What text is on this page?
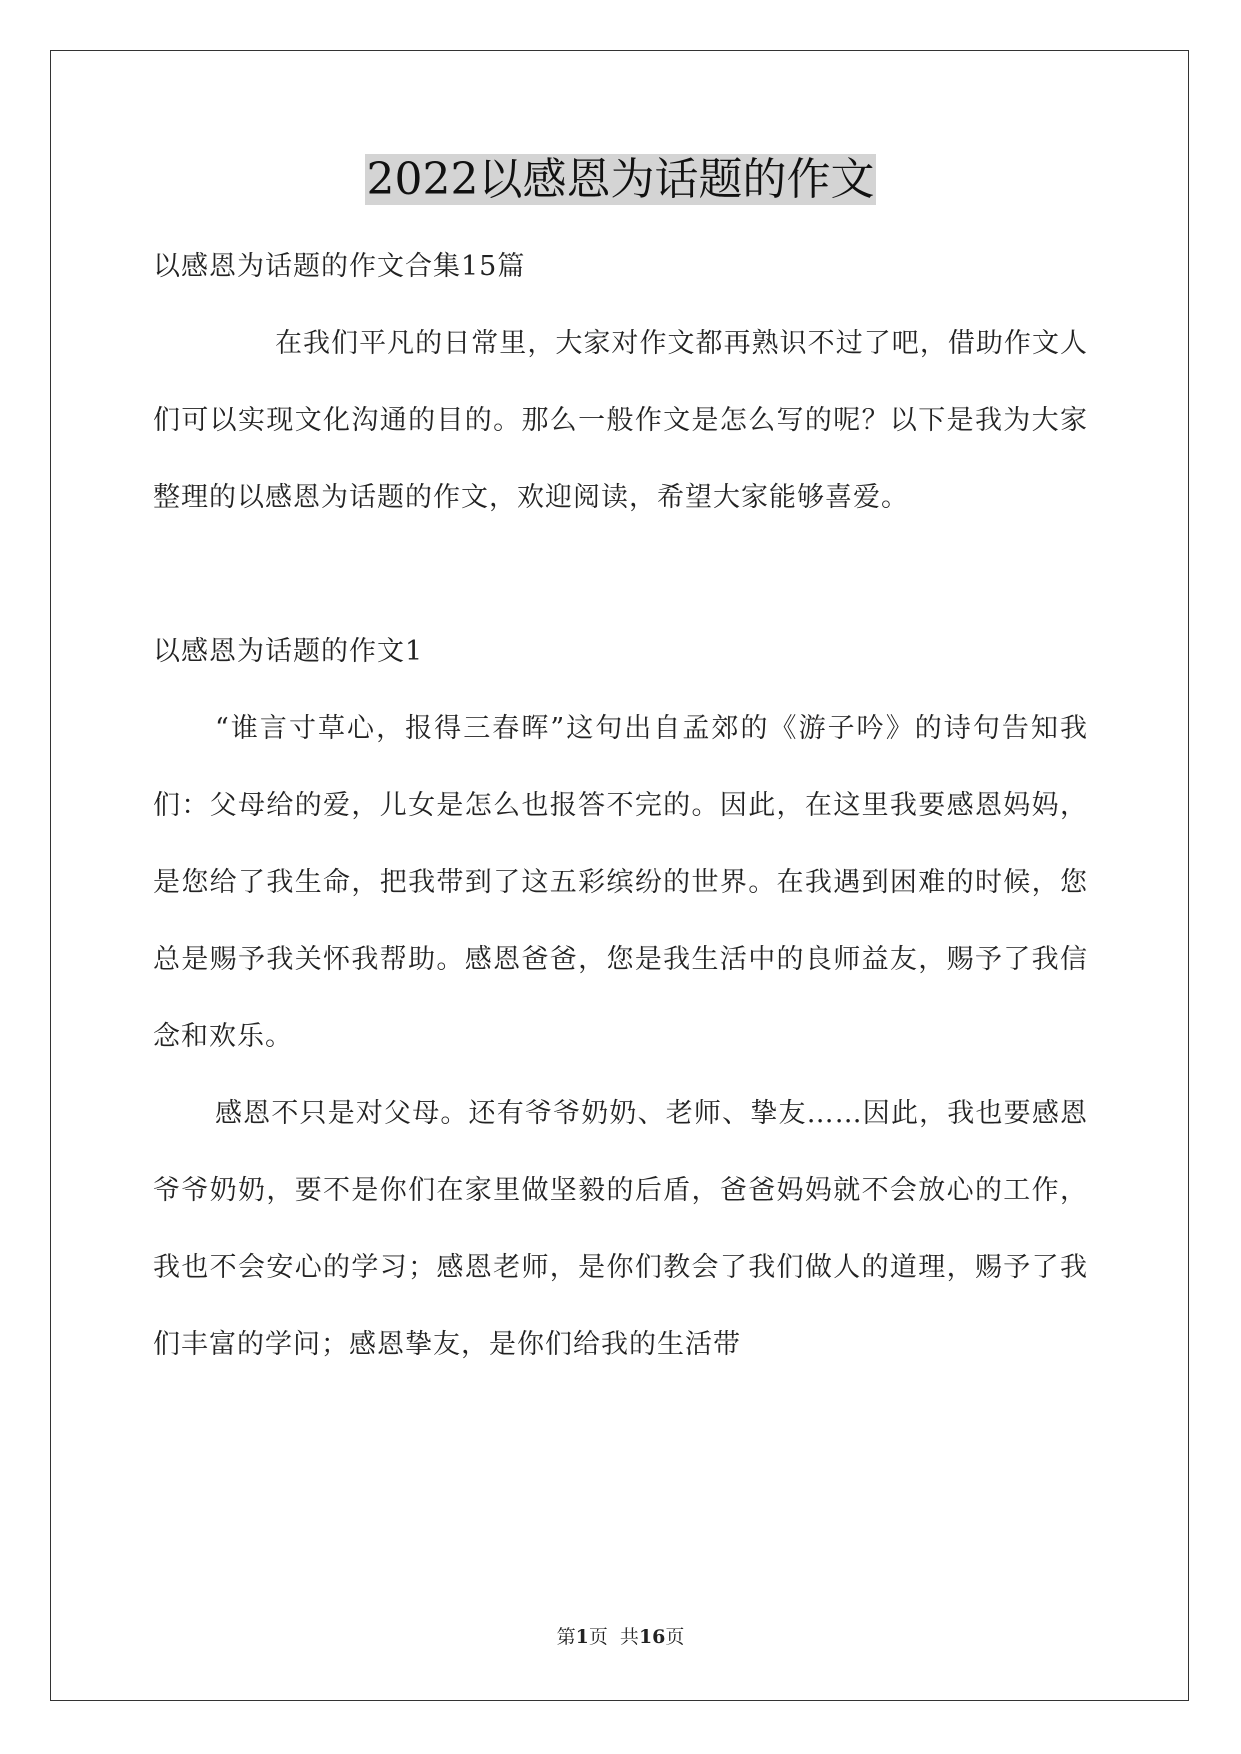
2022以感恩为话题的作文

以感恩为话题的作文合集15篇

在我们平凡的日常里，大家对作文都再熟识不过了吧，借助作文人们可以实现文化沟通的目的。那么一般作文是怎么写的呢？以下是我为大家整理的以感恩为话题的作文，欢迎阅读，希望大家能够喜爱。

以感恩为话题的作文1

“谁言寸草心，报得三春晖”这句出自孟郊的《游子吟》的诗句告知我们：父母给的爱，儿女是怎么也报答不完的。因此，在这里我要感恩妈妈，是您给了我生命，把我带到了这五彩缤纷的世界。在我遇到困难的时候，您总是赐予我关怀我帮助。感恩爸爸，您是我生活中的良师益友，赐予了我信念和欢乐。

感恩不只是对父母。还有爷爷奶奶、老师、挚友……因此，我也要感恩爷爷奶奶，要不是你们在家里做坚毅的后盾，爸爸妈妈就不会放心的工作，我也不会安心的学习；感恩老师，是你们教会了我们做人的道理，赐予了我们丰富的学问；感恩挚友，是你们给我的生活带

第1页  共16页
